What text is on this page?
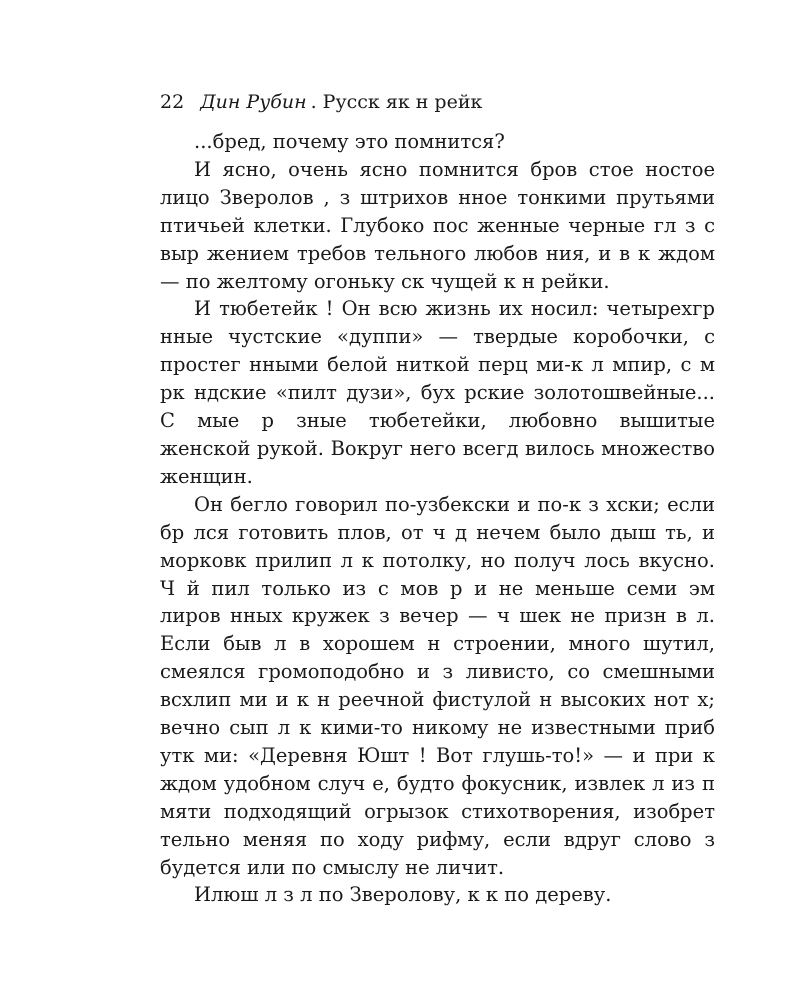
22 Дин Рубин . Русск як н рейк

...бред, почему это помнится?

И ясно, очень ясно помнится бров стое ностое лицо Зверолов , з штрихов нное тонкими прутьями птичьей клетки. Глубоко пос женные черные гл з с выр жением требов тельного любов ния, и в к ждом — по желтому огоньку ск чущей к н рейки.

И тюбетейк ! Он всю жизнь их носил: четырехгр нные чустские «дуппи» — твердые коробочки, с простег нными белой ниткой перц ми-к л мпир, с м рк ндские «пилт дузи», бух рские золотошвейные... С мые р зные тюбетейки, любовно вышитые женской рукой. Вокруг него всегд вилось множество женщин.

Он бегло говорил по-узбекски и по-к з хски; если бр лся готовить плов, от ч д нечем было дыш ть, и морковк прилип л к потолку, но получ лось вкусно. Ч й пил только из с мов р и не меньше семи эм лиров нных кружек з вечер — ч шек не призн в л. Если быв л в хорошем н строении, много шутил, смеялся громоподобно и з ливисто, со смешными всхлип ми и к н реечной фистулой н высоких нот х; вечно сып л к кими-то никому не известными приб утк ми: «Деревня Юшт ! Вот глушь-то!» — и при к ждом удобном случ е, будто фокусник, извлек л из п мяти подходящий огрызок стихотворения, изобрет тельно меняя по ходу рифму, если вдруг слово з будется или по смыслу не личит.

Илюш л з л по Зверолову, к к по дереву.
